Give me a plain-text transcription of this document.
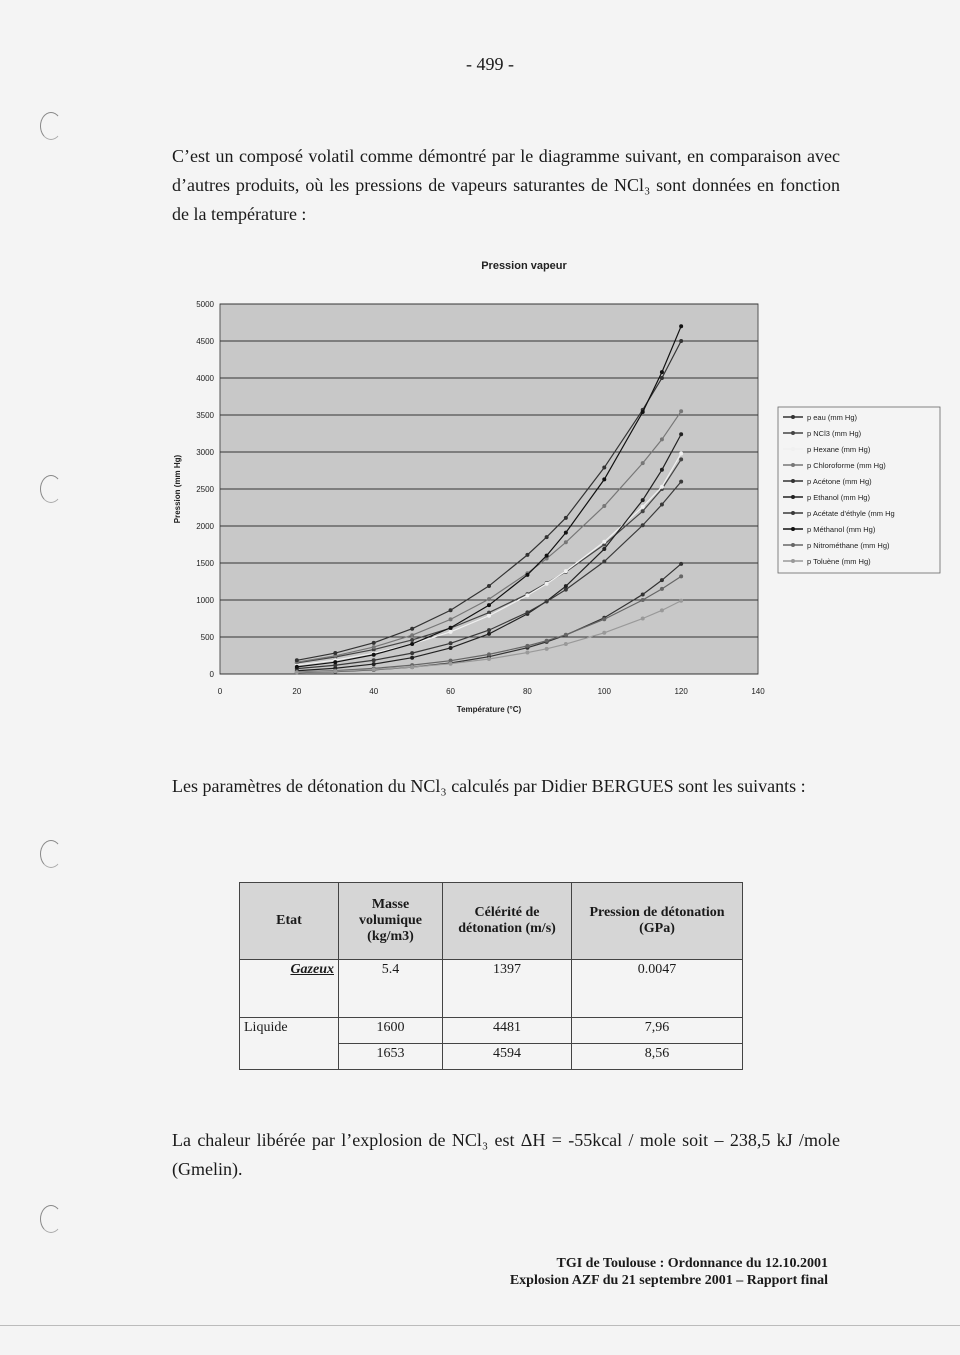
- 499 -
C’est un composé volatil comme démontré par le diagramme suivant, en comparaison avec d’autres produits, où les pressions de vapeurs saturantes de NCl₃ sont données en fonction de la température :
Pression vapeur
0
500
1000
1500
2000
2500
3000
3500
4000
4500
5000
0	20	40	60	80	100	120	140
Température (°C)
Pression (mm Hg)
p eau (mm Hg)
p NCl3 (mm Hg)
p Hexane (mm Hg)
p Chloroforme (mm Hg)
p Acétone (mm Hg)
p Ethanol (mm Hg)
p Acétate d'éthyle (mm Hg
p Méthanol (mm Hg)
p Nitrométhane (mm Hg)
p Toluène (mm Hg)
Les paramètres de détonation du NCl₃ calculés par Didier BERGUES sont les suivants :
Etat	Masse volumique (kg/m3)	Célérité de détonation (m/s)	Pression de détonation (GPa)
Gazeux	5.4	1397	0.0047
Liquide	1600	4481	7,96
	1653	4594	8,56
La chaleur libérée par l’explosion de NCl₃ est ΔH = -55kcal / mole soit – 238,5 kJ /mole (Gmelin).
TGI de Toulouse : Ordonnance du 12.10.2001
Explosion AZF du 21 septembre 2001 – Rapport final
